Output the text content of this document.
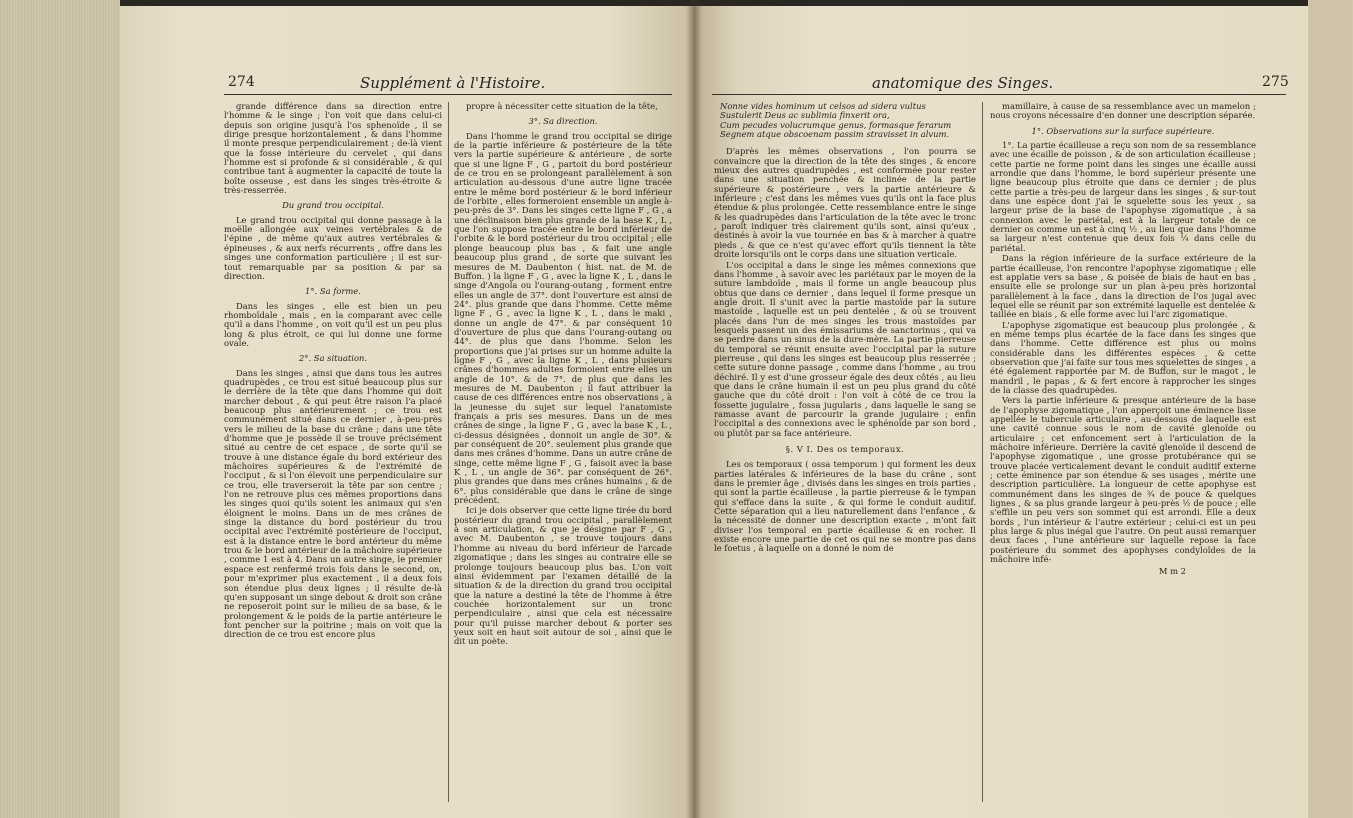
274	Supplément à l'Histoire.

grande différence dans sa direction entre l'homme & le singe ; l'on voit que dans celui-ci depuis son origine jusqu'à l'os sphenoïde , il se dirige presque horizontalement , & dans l'homme il monte presque perpendiculairement ; de-là vient que la fosse intérieure du cervelet , qui dans l'homme est si profonde & si considérable , & qui contribue tant à augmenter la capacité de toute la boîte osseuse , est dans les singes très-étroite & très-resserrée.

Du grand trou occipital.

Le grand trou occipital qui donne passage à la moëlle allongée aux veines vertébrales & de l'épine , de même qu'aux autres vertébrales & épineuses , & aux nerfs récurrents , offre dans les singes une conformation particulière ; il est sur-tout remarquable par sa position & par sa direction.

1°. Sa forme.

Dans les singes , elle est bien un peu rhomboïdale , mais , en la comparant avec celle qu'il a dans l'homme , on voit qu'il est un peu plus long & plus étroit, ce qui lui donne une forme ovale.

2°. Sa situation.

Dans les singes , ainsi que dans tous les autres quadrupèdes , ce trou est situé beaucoup plus sur le derrière de la tête que dans l'homme qui doit marcher debout , & qui peut être raison l'a placé beaucoup plus antérieurement ; ce trou est communément situé dans ce dernier , à-peu-près vers le milieu de la base du crâne ; dans une tête d'homme que je possède il se trouve précisément situé au centre de cet espace , de sorte qu'il se trouve à une distance égale du bord extérieur des mâchoires supérieures & de l'extrémité de l'occiput , & si l'on élevoit une perpendiculaire sur ce trou, elle traverseroit la tête par son centre ; l'on ne retrouve plus ces mêmes proportions dans les singes quoi qu'ils soient les animaux qui s'en éloignent le moins. Dans un de mes crânes de singe la distance du bord postérieur du trou occipital avec l'extrémité postérieure de l'occiput, est à la distance entre le bord antérieur du même trou & le bord antérieur de la mâchoire supérieure , comme 1 est à 4. Dans un autre singe, le premier espace est renfermé trois fois dans le second, on, pour m'exprimer plus exactement , il a deux fois son étendue plus deux lignes ; il résulte de-là qu'en supposant un singe debout & droit son crâne ne reposeroit point sur le milieu de sa base, & le prolongement & le poids de la partie antérieure le font pencher sur la poitrine ; mais on voit que la direction de ce trou est encore plus

propre à nécessiter cette situation de la tête,

3°. Sa direction.

Dans l'homme le grand trou occipital se dirige de la partie inférieure & postérieure de la tête vers la partie supérieure & antérieure , de sorte que si une ligne F , G , partoit du bord postérieur de ce trou en se prolongeant parallèlement à son articulation au-dessous d'une autre ligne tracée entre le même bord postérieur & le bord inférieur de l'orbite , elles formeroient ensemble un angle à-peu-près de 3°. Dans les singes cette ligne F , G , a une déclinaison bien plus grande de la base K , L , que l'on suppose tracée entre le bord inférieur de l'orbite & le bord postérieur du trou occipital ; elle plonge beaucoup plus bas , & fait une angle beaucoup plus grand , de sorte que suivant les mesures de M. Daubenton ( hist. nat. de M. de Buffon. ) la ligne F , G , avec la ligne K , L , dans le singe d'Angola ou l'ourang-outang , forment entre elles un angle de 37°. dont l'ouverture est ainsi de 24°. plus grande que dans l'homme. Cette même ligne F , G , avec la ligne K , L , dans le maki , donne un angle de 47°. & par conséquent 10 d'ouverture de plus que dans l'ourang-outang ou 44°. de plus que dans l'homme. Selon les proportions que j'ai prises sur un homme adulte la ligne F , G , avec la ligne K , L , dans plusieurs crânes d'hommes adultes formoient entre elles un angle de 10°. & de 7°. de plus que dans les mesures de M. Daubenton ; il faut attribuer la cause de ces différences entre nos observations , à la jeunesse du sujet sur lequel l'anatomiste français a pris ses mesures. Dans un de mes crânes de singe , la ligne F , G , avec la base K , L , ci-dessus désignées , donnoit un angle de 30°. & par conséquent de 20°. seulement plus grande que dans mes crânes d'homme. Dans un autre crâne de singe, cette même ligne F , G , faisoit avec la base K , L , un angle de 36°. par conséquent de 26°. plus grandes que dans mes crânes humains , & de 6°. plus considérable que dans le crâne de singe précédent.

Ici je dois observer que cette ligne tirée du bord postérieur du grand trou occipital , parallèlement à son articulation, & que je désigne par F , G , avec M. Daubenton , se trouve toujours dans l'homme au niveau du bord inférieur de l'arcade zigomatique ; dans les singes au contraire elle se prolonge toujours beaucoup plus bas. L'on voit ainsi évidemment par l'examen détaillé de la situation & de la direction du grand trou occipital que la nature a destiné la tête de l'homme à être couchée horizontalement sur un tronc perpendiculaire , ainsi que cela est nécessaire pour qu'il puisse marcher debout & porter ses yeux soit en haut soit autour de soi , ainsi que le dit un poète.

anatomique des Singes.	275
Nonne vides hominum ut celsos ad sidera vultus
Sustulerit Deus ac sublimia finxerit ora,
Cum pecudes volucrumque genus, formasque ferarum
Segnem atque obscoenam passim stravisset in alvum.

D'après les mêmes observations , l'on pourra se convaincre que la direction de la tête des singes , & encore mieux des autres quadrupèdes , est conformée pour rester dans une situation penchée & inclinée de la partie supérieure & postérieure , vers la partie antérieure & inférieure ; c'est dans les mêmes vues qu'ils ont la face plus étendue & plus prolongée. Cette ressemblance entre le singe & les quadrupèdes dans l'articulation de la tête avec le tronc , paroît indiquer très clairement qu'ils sont, ainsi qu'eux , destinés à avoir la vue tournée en bas & à marcher à quatre pieds , & que ce n'est qu'avec effort qu'ils tiennent la tête droite lorsqu'ils ont le corps dans une situation verticale.

L'os occipital a dans le singe les mêmes connexions que dans l'homme , à savoir avec les pariétaux par le moyen de la suture lambdoïde , mais il forme un angle beaucoup plus obtus que dans ce dernier , dans lequel il forme presque un angle droit. Il s'unit avec la partie mastoïde par la suture mastoïde , laquelle est un peu dentelée , & où se trouvent placés dans l'un de mes singes les trous mastoïdes par lesquels passent un des émissariums de sanctorinus , qui va se perdre dans un sinus de la dure-mère. La partie pierreuse du temporal se réunit ensuite avec l'occipital par la suture pierreuse , qui dans les singes est beaucoup plus resserrée ; cette suture donne passage , comme dans l'homme , au trou déchiré. Il y est d'une grosseur égale des deux côtés , au lieu que dans le crâne humain il est un peu plus grand du côté gauche que du côté droit : l'on voit à côté de ce trou la fossette jugulaire , fossa jugularis , dans laquelle le sang se ramasse avant de parcourir la grande jugulaire ; enfin l'occipital a des connexions avec le sphénoïde par son bord , ou plutôt par sa face antérieure.

§. V I. Des os temporaux.

Les os temporaux ( ossa temporum ) qui forment les deux parties latérales & inférieures de la base du crâne , sont dans le premier âge , divisés dans les singes en trois parties , qui sont la partie écailleuse , la partie pierreuse & le tympan qui s'efface dans la suite , & qui forme le conduit auditif. Cette séparation qui a lieu naturellement dans l'enfance , & la nécessité de donner une description exacte , m'ont fait diviser l'os temporal en partie écailleuse & en rocher. Il existe encore une partie de cet os qui ne se montre pas dans le foetus , à laquelle on a donné le nom de

mamillaire, à cause de sa ressemblance avec un mamelon ; nous croyons nécessaire d'en donner une description séparée.

1°. Observations sur la surface supérieure.

1°. La partie écailleuse a reçu son nom de sa ressemblance avec une écaille de poisson , & de son articulation écailleuse ; cette partie ne forme point dans les singes une écaille aussi arrondie que dans l'homme, le bord supérieur présente une ligne beaucoup plus étroite que dans ce dernier ; de plus cette partie a très-peu de largeur dans les singes , & sur-tout dans une espèce dont j'ai le squelette sous les yeux , sa largeur prise de la base de l'apophyse zigomatique , à sa connexion avec le pariétal, est à la largeur totale de ce dernier os comme un est à cinq ½ , au lieu que dans l'homme sa largeur n'est contenue que deux fois ¼ dans celle du pariétal.

Dans la région inférieure de la surface extérieure de la partie écailleuse, l'on rencontre l'apophyse zigomatique ; elle est applatie vers sa base , & poisée de biais de haut en bas , ensuite elle se prolonge sur un plan à-peu près horizontal parallèlement à la face , dans la direction de l'os jugal avec lequel elle se réunit par son extrémité laquelle est dentelée & taillée en biais , & elle forme avec lui l'arc zigomatique.

L'apophyse zigomatique est beaucoup plus prolongée , & en même temps plus écartée de la face dans les singes que dans l'homme. Cette différence est plus ou moins considérable dans les différentes espèces , & cette observation que j'ai faite sur tous mes squelettes de singes , a été également rapportée par M. de Buffon, sur le magot , le mandril , le papas , & & fert encore à rapprocher les singes de la classe des quadrupèdes.

Vers la partie inférieure & presque antérieure de la base de l'apophyse zigomatique , l'on apperçoit une éminence lisse appellée le tubercule articulaire , au-dessous de laquelle est une cavité connue sous le nom de cavité glenoïde ou articulaire ; cet enfoncement sert à l'articulation de la mâchoire inférieure. Derrière la cavité glenoïde il descend de l'apophyse zigomatique , une grosse protubérance qui se trouve placée verticalement devant le conduit auditif externe ; cette éminence par son étendue & ses usages , mérite une description particulière. La longueur de cette apophyse est communément dans les singes de ¾ de pouce & quelques lignes , & sa plus grande largeur à peu-près ½ de pouce ; elle s'effile un peu vers son sommet qui est arrondi. Elle a deux bords , l'un intérieur & l'autre extérieur ; celui-ci est un peu plus large & plus inégal que l'autre. On peut aussi remarquer deux faces , l'une antérieure sur laquelle repose la face postérieure du sommet des apophyses condyloïdes de la mâchoire infé-

M m 2
